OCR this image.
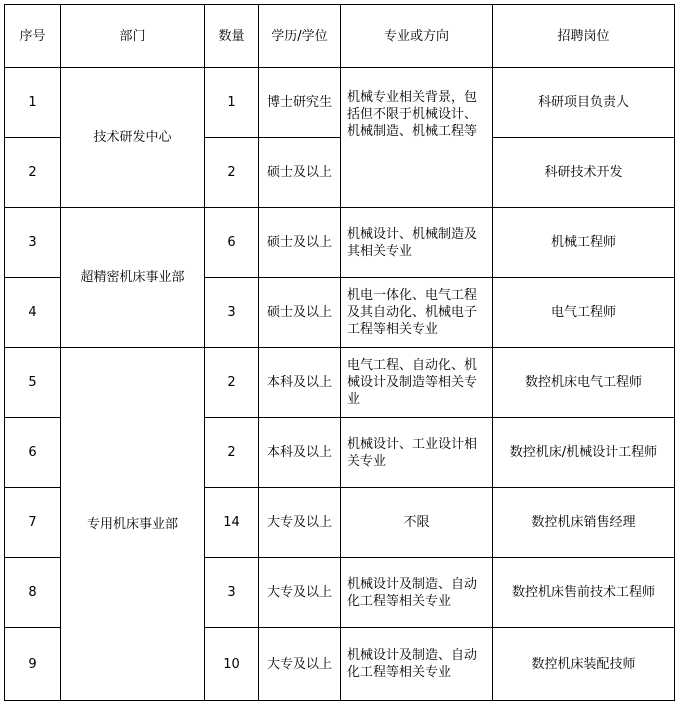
序号	部门	数量	学历/学位	专业或方向	招聘岗位
1	技术研发中心	1	博士研究生	机械专业相关背景，包括但不限于机械设计、机械制造、机械工程等	科研项目负责人
2		2	硕士及以上		科研技术开发
3	超精密机床事业部	6	硕士及以上	机械设计、机械制造及其相关专业	机械工程师
4		3	硕士及以上	机电一体化、电气工程及其自动化、机械电子工程等相关专业	电气工程师
5	专用机床事业部	2	本科及以上	电气工程、自动化、机械设计及制造等相关专业	数控机床电气工程师
6		2	本科及以上	机械设计、工业设计相关专业	数控机床/机械设计工程师
7		14	大专及以上	不限	数控机床销售经理
8		3	大专及以上	机械设计及制造、自动化工程等相关专业	数控机床售前技术工程师
9		10	大专及以上	机械设计及制造、自动化工程等相关专业	数控机床装配技师
